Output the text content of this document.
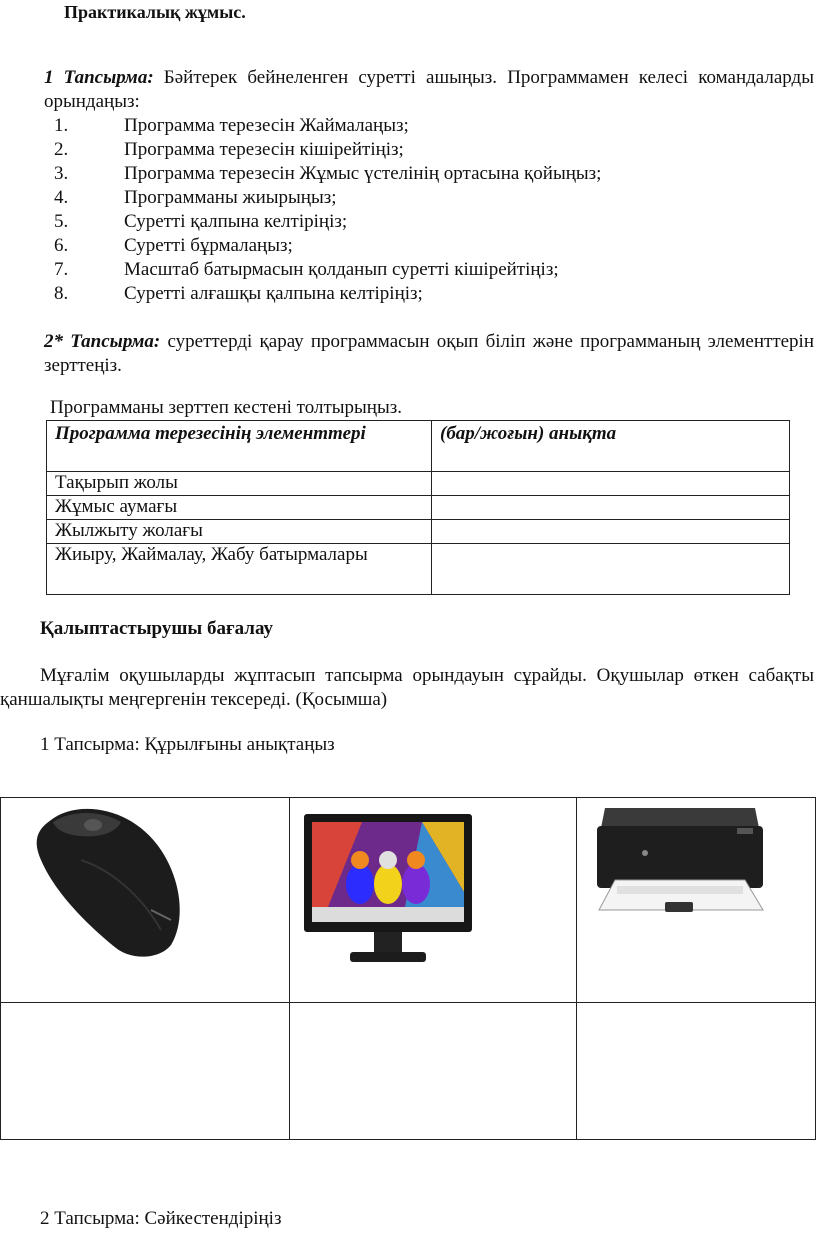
Практикалық жұмыс.
1 Тапсырма: Бәйтерек бейнеленген суретті ашыңыз. Программамен келесі командаларды орындаңыз:
1.	Программа терезесін Жаймалаңыз;
2.	Программа терезесін кішірейтіңіз;
3.	Программа терезесін Жұмыс үстелінің ортасына қойыңыз;
4.	Программаны жиырыңыз;
5.	Суретті қалпына келтіріңіз;
6.	Суретті бұрмалаңыз;
7.	Масштаб батырмасын қолданып суретті кішірейтіңіз;
8.	Суретті алғашқы қалпына келтіріңіз;
2* Тапсырма: суреттерді қарау программасын оқып біліп және программаның элементтерін зерттеңіз.
Программаны зерттеп кестені толтырыңыз.
Программа терезесінің элементтері	(бар/жоғын) анықта
Тақырып жолы	
Жұмыс аумағы	
Жылжыту жолағы	
Жиыру, Жаймалау, Жабу батырмалары	
Қалыптастырушы бағалау
Мұғалім оқушыларды жұптасып тапсырма орындауын сұрайды. Оқушылар өткен сабақты қаншалықты меңгергенін тексереді. (Қосымша)
1 Тапсырма: Құрылғыны анықтаңыз

2 Тапсырма: Сәйкестендіріңіз
